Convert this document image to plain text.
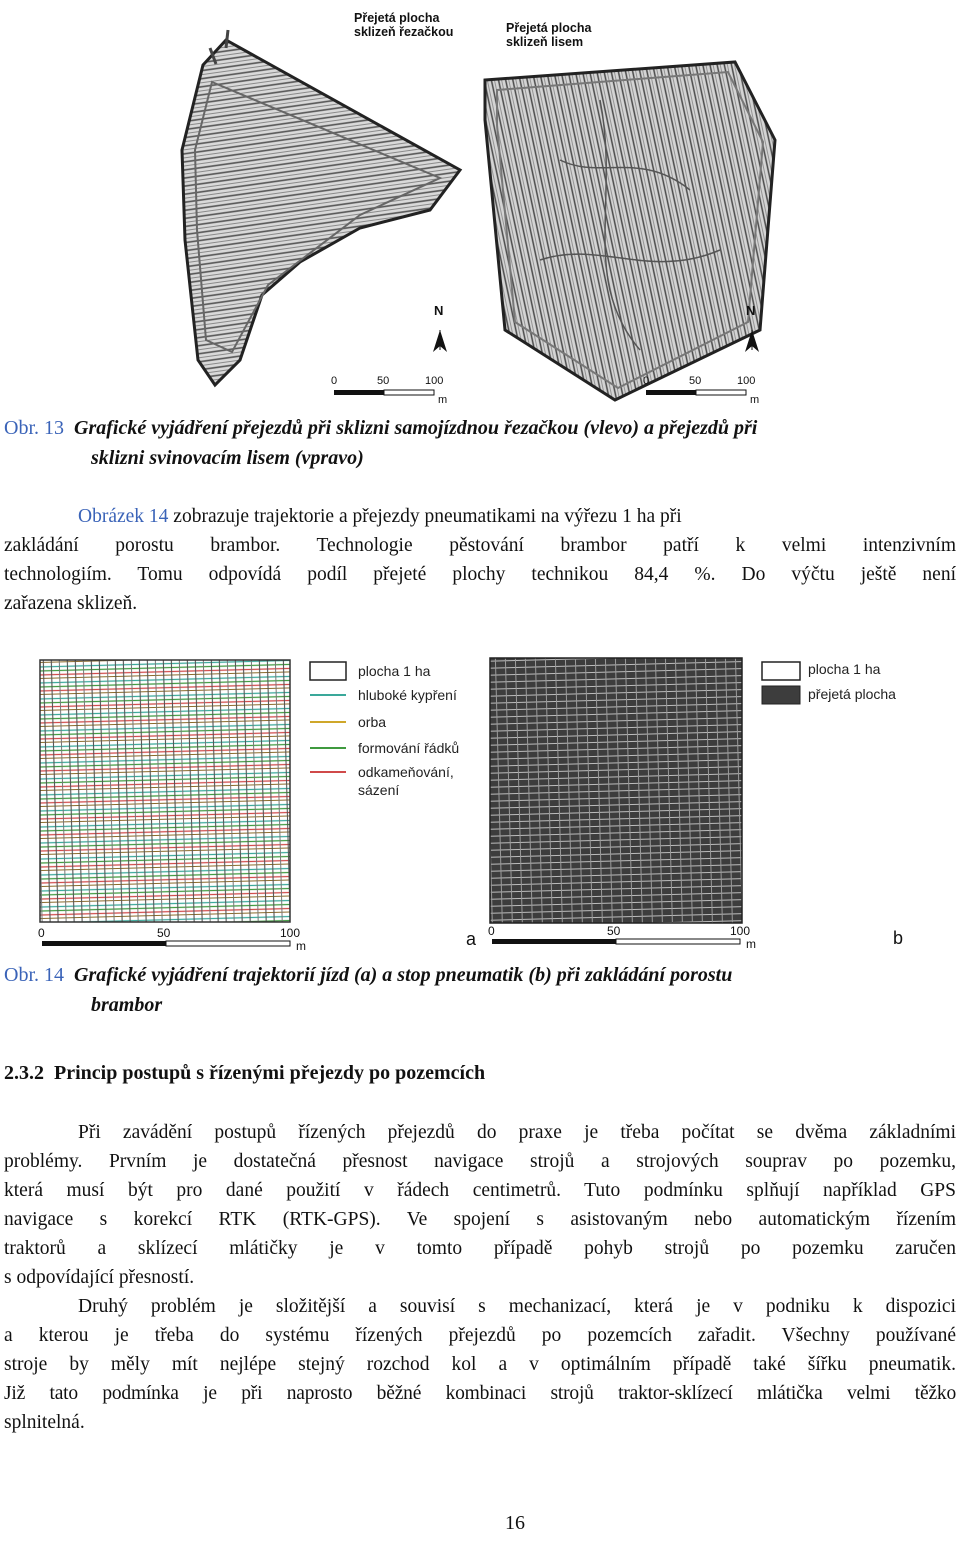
Přejetá plocha
sklizeň řezačkou	Přejetá plocha
sklizeň lisem
N	N
0	50	100
m
0	50	100
m
Obr. 13 Grafické vyjádření přejezdů při sklizni samojízdnou řezačkou (vlevo) a přejezdů při
sklizni svinovacím lisem (vpravo)
Obrázek 14 zobrazuje trajektorie a přejezdy pneumatikami na výřezu 1 ha při
zakládání porostu brambor. Technologie pěstování brambor patří k velmi intenzivním
technologiím. Tomu odpovídá podíl přejeté plochy technikou 84,4 %. Do výčtu ještě není
zařazena sklizeň.
plocha 1 ha
hluboké kypření
orba
formování řádků
odkameňování,
sázení
plocha 1 ha
přejetá plocha
0	50	100
m	a 0	50	100
m	b
Obr. 14 Grafické vyjádření trajektorií jízd (a) a stop pneumatik (b) při zakládání porostu
brambor
2.3.2 Princip postupů s řízenými přejezdy po pozemcích
Při zavádění postupů řízených přejezdů do praxe je třeba počítat se dvěma základními
problémy. Prvním je dostatečná přesnost navigace strojů a strojových souprav po pozemku,
která musí být pro dané použití v řádech centimetrů. Tuto podmínku splňují například GPS
navigace s korekcí RTK (RTK-GPS). Ve spojení s asistovaným nebo automatickým řízením
traktorů a sklízecí mlátičky je v tomto případě pohyb strojů po pozemku zaručen
s odpovídající přesností.
Druhý problém je složitější a souvisí s mechanizací, která je v podniku k dispozici
a kterou je třeba do systému řízených přejezdů po pozemcích zařadit. Všechny používané
stroje by měly mít nejlépe stejný rozchod kol a v optimálním případě také šířku pneumatik.
Již tato podmínka je při naprosto běžné kombinaci strojů traktor-sklízecí mlátička velmi těžko
splnitelná.
16
